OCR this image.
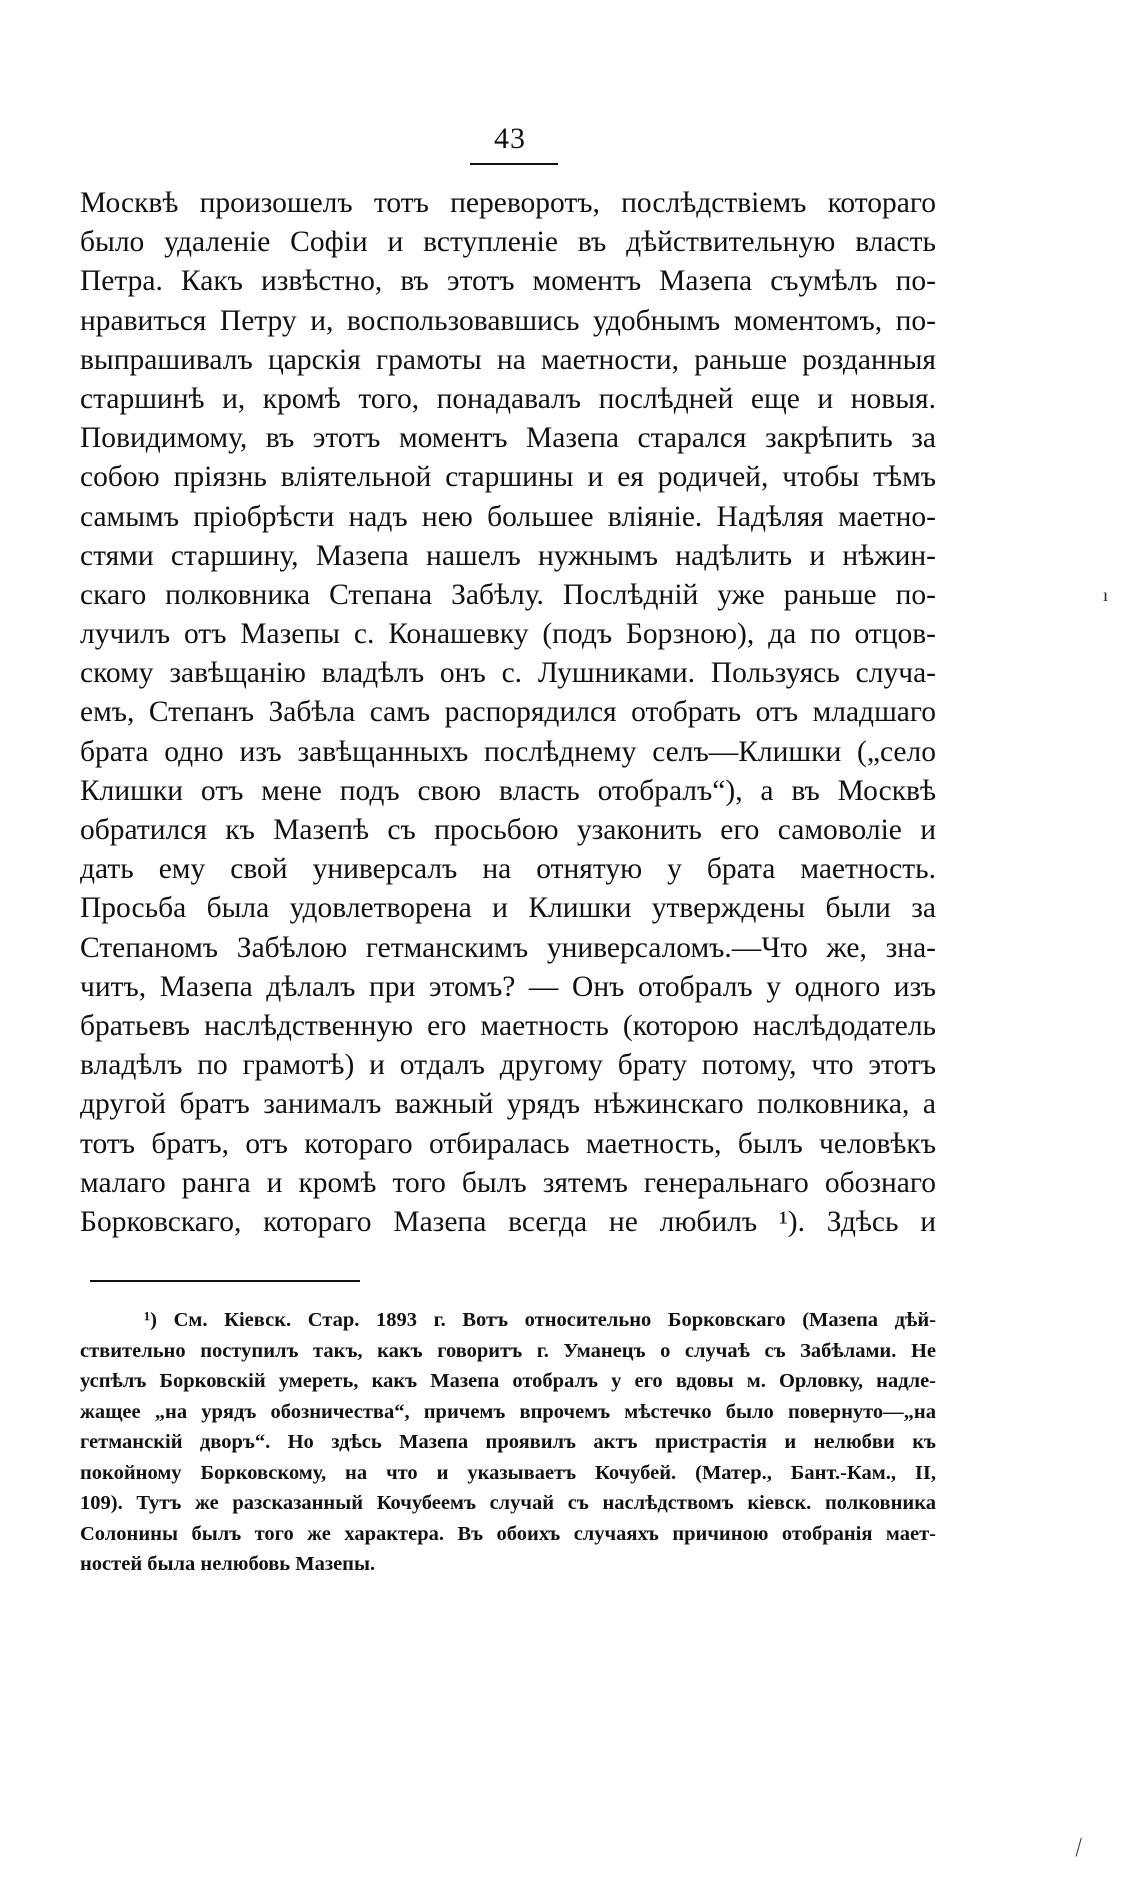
43
Москвѣ произошелъ тотъ переворотъ, послѣдствіемъ котораго
было удаленіе Софіи и вступленіе въ дѣйствительную власть
Петра. Какъ извѣстно, въ этотъ моментъ Мазепа съумѣлъ по-
нравиться Петру и, воспользовавшись удобнымъ моментомъ, по-
выпрашивалъ царскія грамоты на маетности, раньше розданныя
старшинѣ и, кромѣ того, понадавалъ послѣдней еще и новыя.
Повидимому, въ этотъ моментъ Мазепа старался закрѣпить за
собою пріязнь вліятельной старшины и ея родичей, чтобы тѣмъ
самымъ пріобрѣсти надъ нею большее вліяніе. Надѣляя маетно-
стями старшину, Мазепа нашелъ нужнымъ надѣлить и нѣжин-
скаго полковника Степана Забѣлу. Послѣдній уже раньше по-
лучилъ отъ Мазепы с. Конашевку (подъ Борзною), да по отцов-
скому завѣщанію владѣлъ онъ с. Лушниками. Пользуясь случа-
емъ, Степанъ Забѣла самъ распорядился отобрать отъ младшаго
брата одно изъ завѣщанныхъ послѣднему селъ—Клишки („село
Клишки отъ мене подъ свою власть отобралъ“), а въ Москвѣ
обратился къ Мазепѣ съ просьбою узаконить его самоволіе и
дать ему свой универсалъ на отнятую у брата маетность.
Просьба была удовлетворена и Клишки утверждены были за
Степаномъ Забѣлою гетманскимъ универсаломъ.—Что же, зна-
читъ, Мазепа дѣлалъ при этомъ? — Онъ отобралъ у одного изъ
братьевъ наслѣдственную его маетность (которою наслѣдодатель
владѣлъ по грамотѣ) и отдалъ другому брату потому, что этотъ
другой братъ занималъ важный урядъ нѣжинскаго полковника, а
тотъ братъ, отъ котораго отбиралась маетность, былъ человѣкъ
малаго ранга и кромѣ того былъ зятемъ генеральнаго обознаго
Борковскаго, котораго Мазепа всегда не любилъ ¹). Здѣсь и
¹) См. Кіевск. Стар. 1893 г. Вотъ относительно Борковскаго (Мазепа дѣй-
ствительно поступилъ такъ, какъ говоритъ г. Уманецъ о случаѣ съ Забѣлами. Не
успѣлъ Борковскій умереть, какъ Мазепа отобралъ у его вдовы м. Орловку, надле-
жащее „на урядъ обозничества“, причемъ впрочемъ мѣстечко было повернуто—„на
гетманскій дворъ“. Но здѣсь Мазепа проявилъ актъ пристрастія и нелюбви къ
покойному Борковскому, на что и указываетъ Кочубей. (Матер., Бант.-Кам., II,
109). Тутъ же разсказанный Кочубеемъ случай съ наслѣдствомъ кіевск. полковника
Солонины былъ того же характера. Въ обоихъ случаяхъ причиною отобранія мает-
ностей была нелюбовь Мазепы.
ı
⁄
